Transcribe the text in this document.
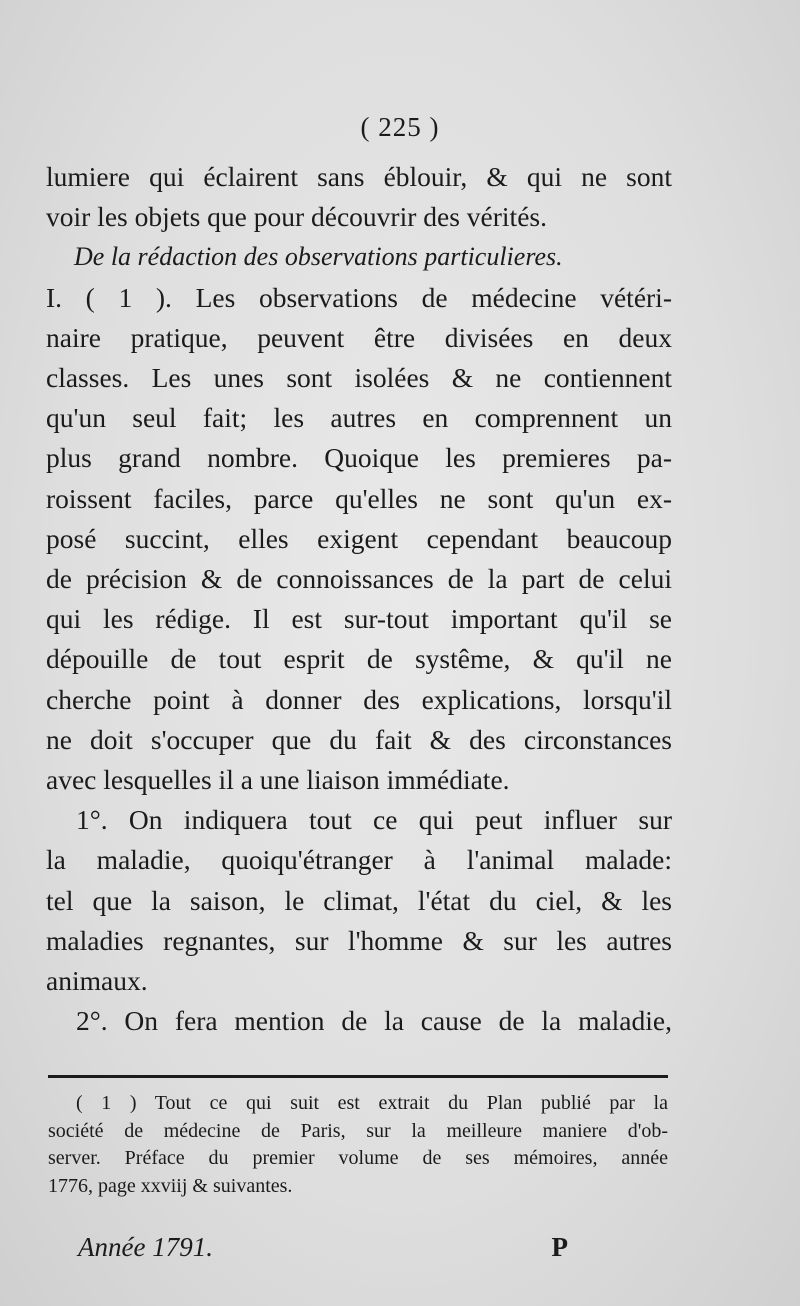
( 225 )
lumiere qui éclairent sans éblouir, & qui ne sont
voir les objets que pour découvrir des vérités.
De la rédaction des observations particulieres.
I. ( 1 ). Les observations de médecine vétéri-
naire pratique, peuvent être divisées en deux
classes. Les unes sont isolées & ne contiennent
qu'un seul fait; les autres en comprennent un
plus grand nombre. Quoique les premieres pa-
roissent faciles, parce qu'elles ne sont qu'un ex-
posé succint, elles exigent cependant beaucoup
de précision & de connoissances de la part de celui
qui les rédige. Il est sur-tout important qu'il se
dépouille de tout esprit de systême, & qu'il ne
cherche point à donner des explications, lorsqu'il
ne doit s'occuper que du fait & des circonstances
avec lesquelles il a une liaison immédiate.
1°. On indiquera tout ce qui peut influer sur
la maladie, quoiqu'étranger à l'animal malade:
tel que la saison, le climat, l'état du ciel, & les
maladies regnantes, sur l'homme & sur les autres
animaux.
2°. On fera mention de la cause de la maladie,
( 1 ) Tout ce qui suit est extrait du Plan publié par la
société de médecine de Paris, sur la meilleure maniere d'ob-
server. Préface du premier volume de ses mémoires, année
1776, page xxviij & suivantes.
Année 1791.	P
